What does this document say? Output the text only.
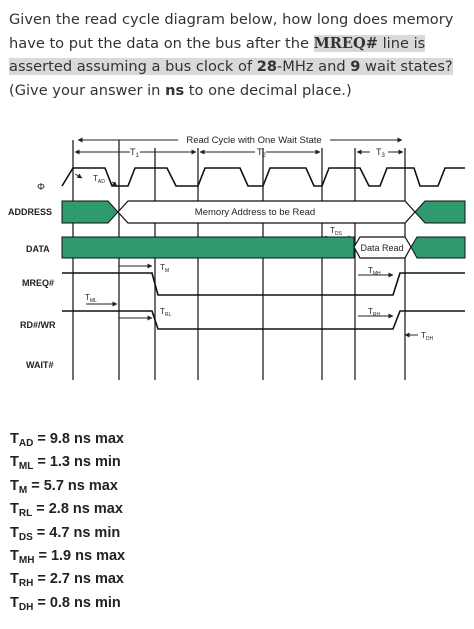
Given the read cycle diagram below, how long does memory have to put the data on the bus after the MREQ# line is asserted assuming a bus clock of 28-MHz and 9 wait states? (Give your answer in ns to one decimal place.)
Read Cycle with One Wait State
$T_1$	$T_2$	$T_3$
Φ
$T_{AD}$
ADDRESS	Memory Address to be Read
$T_{DS}$
DATA	Data Read
MREQ#
$T_M$
$T_{ML}$
$T_{MH}$
RD#/WR
$T_{RL}$	$T_{RH}$
$T_{DH}$
WAIT#
$T_{AD} = 9.8$ ns max
$T_{ML} = 1.3$ ns min
$T_M = 5.7$ ns max
$T_{RL} = 2.8$ ns max
$T_{DS} = 4.7$ ns min
$T_{MH} = 1.9$ ns max
$T_{RH} = 2.7$ ns max
$T_{DH} = 0.8$ ns min
